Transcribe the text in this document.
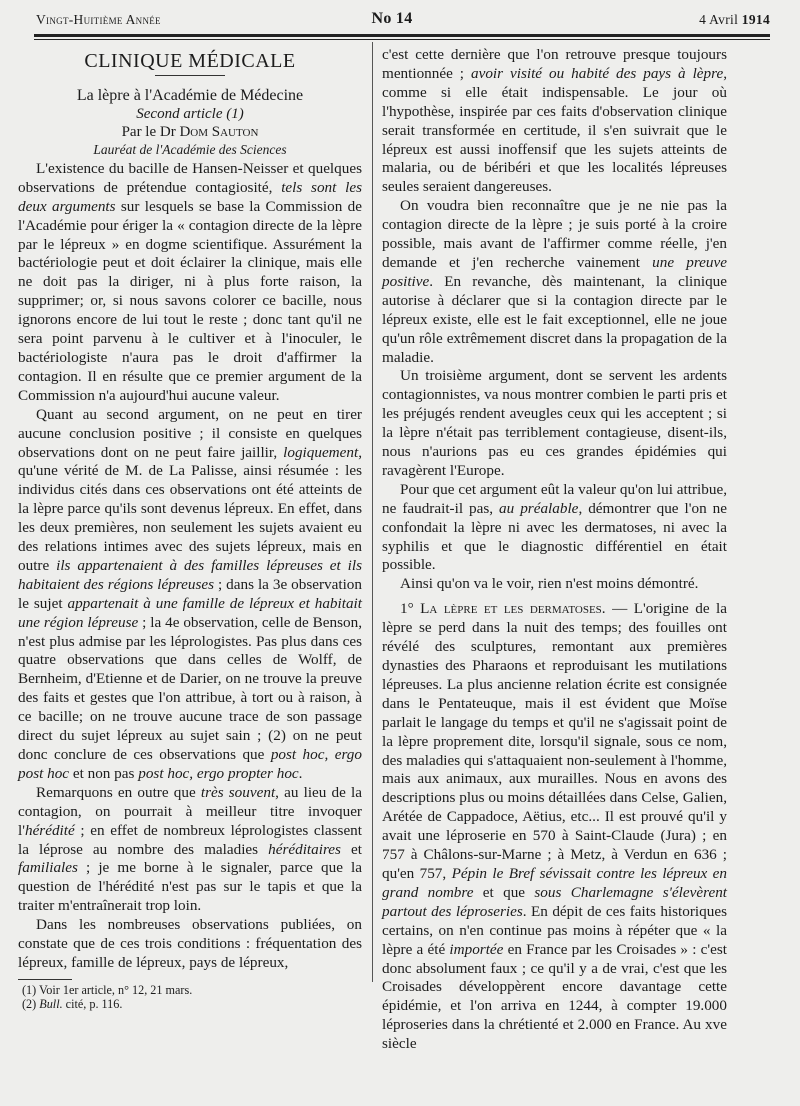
Vingt-Huitième Année	No 14	4 Avril 1914
CLINIQUE MÉDICALE
La lèpre à l'Académie de Médecine
Second article (1)
Par le Dr Dom Sauton
Lauréat de l'Académie des Sciences

L'existence du bacille de Hansen-Neisser et quelques observations de prétendue contagiosité, tels sont les deux arguments sur lesquels se base la Commission de l'Académie pour ériger la « contagion directe de la lèpre par le lépreux » en dogme scientifique. Assurément la bactériologie peut et doit éclairer la clinique, mais elle ne doit pas la diriger, ni à plus forte raison, la supprimer; or, si nous savons colorer ce bacille, nous ignorons encore de lui tout le reste ; donc tant qu'il ne sera point parvenu à le cultiver et à l'inoculer, le bactériologiste n'aura pas le droit d'affirmer la contagion. Il en résulte que ce premier argument de la Commission n'a aujourd'hui aucune valeur.

Quant au second argument, on ne peut en tirer aucune conclusion positive ; il consiste en quelques observations dont on ne peut faire jaillir, logiquement, qu'une vérité de M. de La Palisse, ainsi résumée : les individus cités dans ces observations ont été atteints de la lèpre parce qu'ils sont devenus lépreux. En effet, dans les deux premières, non seulement les sujets avaient eu des relations intimes avec des sujets lépreux, mais en outre ils appartenaient à des familles lépreuses et ils habitaient des régions lépreuses ; dans la 3e observation le sujet appartenait à une famille de lépreux et habitait une région lépreuse ; la 4e observation, celle de Benson, n'est plus admise par les léprologistes. Pas plus dans ces quatre observations que dans celles de Wolff, de Bernheim, d'Etienne et de Darier, on ne trouve la preuve des faits et gestes que l'on attribue, à tort ou à raison, à ce bacille; on ne trouve aucune trace de son passage direct du sujet lépreux au sujet sain ; (2) on ne peut donc conclure de ces observations que post hoc, ergo post hoc et non pas post hoc, ergo propter hoc.

Remarquons en outre que très souvent, au lieu de la contagion, on pourrait à meilleur titre invoquer l'hérédité ; en effet de nombreux léprologistes classent la léprose au nombre des maladies héréditaires et familiales ; je me borne à le signaler, parce que la question de l'hérédité n'est pas sur le tapis et que la traiter m'entraînerait trop loin.

Dans les nombreuses observations publiées, on constate que de ces trois conditions : fréquentation des lépreux, famille de lépreux, pays de lépreux,

(1) Voir 1er article, n° 12, 21 mars.

(2) Bull. cité, p. 116.

c'est cette dernière que l'on retrouve presque toujours mentionnée ; avoir visité ou habité des pays à lèpre, comme si elle était indispensable. Le jour où l'hypothèse, inspirée par ces faits d'observation clinique serait transformée en certitude, il s'en suivrait que le lépreux est aussi inoffensif que les sujets atteints de malaria, ou de béribéri et que les localités lépreuses seules seraient dangereuses.

On voudra bien reconnaître que je ne nie pas la contagion directe de la lèpre ; je suis porté à la croire possible, mais avant de l'affirmer comme réelle, j'en demande et j'en recherche vainement une preuve positive. En revanche, dès maintenant, la clinique autorise à déclarer que si la contagion directe par le lépreux existe, elle est le fait exceptionnel, elle ne joue qu'un rôle extrêmement discret dans la propagation de la maladie.

Un troisième argument, dont se servent les ardents contagionnistes, va nous montrer combien le parti pris et les préjugés rendent aveugles ceux qui les acceptent ; si la lèpre n'était pas terriblement contagieuse, disent-ils, nous n'aurions pas eu ces grandes épidémies qui ravagèrent l'Europe.

Pour que cet argument eût la valeur qu'on lui attribue, ne faudrait-il pas, au préalable, démontrer que l'on ne confondait la lèpre ni avec les dermatoses, ni avec la syphilis et que le diagnostic différentiel en était possible.

Ainsi qu'on va le voir, rien n'est moins démontré.

1° La lèpre et les dermatoses. — L'origine de la lèpre se perd dans la nuit des temps; des fouilles ont révélé des sculptures, remontant aux premières dynasties des Pharaons et reproduisant les mutilations lépreuses. La plus ancienne relation écrite est consignée dans le Pentateuque, mais il est évident que Moïse parlait le langage du temps et qu'il ne s'agissait point de la lèpre proprement dite, lorsqu'il signale, sous ce nom, des maladies qui s'attaquaient non-seulement à l'homme, mais aux animaux, aux murailles. Nous en avons des descriptions plus ou moins détaillées dans Celse, Galien, Arétée de Cappadoce, Aëtius, etc... Il est prouvé qu'il y avait une léproserie en 570 à Saint-Claude (Jura) ; en 757 à Châlons-sur-Marne ; à Metz, à Verdun en 636 ; qu'en 757, Pépin le Bref sévissait contre les lépreux en grand nombre et que sous Charlemagne s'élevèrent partout des léproseries. En dépit de ces faits historiques certains, on n'en continue pas moins à répéter que « la lèpre a été importée en France par les Croisades » : c'est donc absolument faux ; ce qu'il y a de vrai, c'est que les Croisades développèrent encore davantage cette épidémie, et l'on arriva en 1244, à compter 19.000 léproseries dans la chrétienté et 2.000 en France. Au xve siècle
